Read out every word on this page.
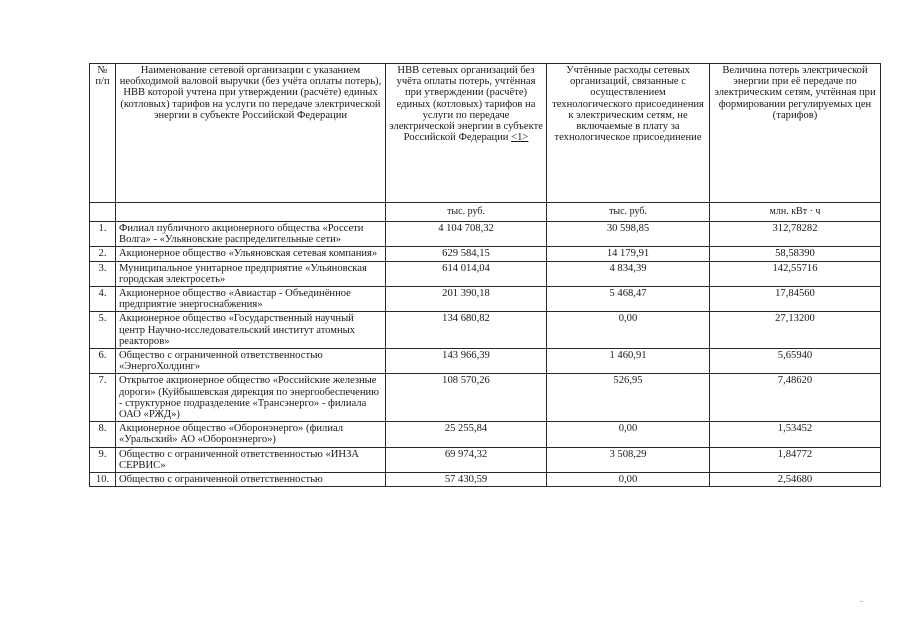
№ п/п	Наименование сетевой организации с указанием необходимой валовой выручки (без учёта оплаты потерь), НВВ которой учтена при утверждении (расчёте) единых (котловых) тарифов на услуги по передаче электрической энергии в субъекте Российской Федерации	НВВ сетевых организаций без учёта оплаты потерь, учтённая при утверждении (расчёте) единых (котловых) тарифов на услуги по передаче электрической энергии в субъекте Российской Федерации <1>	Учтённые расходы сетевых организаций, связанные с осуществлением технологического присоединения к электрическим сетям, не включаемые в плату за технологическое присоединение	Величина потерь электрической энергии при её передаче по электрическим сетям, учтённая при формировании регулируемых цен (тарифов)
		тыс. руб.	тыс. руб.	млн. кВт · ч
1.	Филиал публичного акционерного общества «Россети Волга» - «Ульяновские распределительные сети»	4 104 708,32	30 598,85	312,78282
2.	Акционерное общество «Ульяновская сетевая компания»	629 584,15	14 179,91	58,58390
3.	Муниципальное унитарное предприятие «Ульяновская городская электросеть»	614 014,04	4 834,39	142,55716
4.	Акционерное общество «Авиастар - Объединённое предприятие энергоснабжения»	201 390,18	5 468,47	17,84560
5.	Акционерное общество «Государственный научный центр Научно-исследовательский институт атомных реакторов»	134 680,82	0,00	27,13200
6.	Общество с ограниченной ответственностью «ЭнергоХолдинг»	143 966,39	1 460,91	5,65940
7.	Открытое акционерное общество «Российские железные дороги» (Куйбышевская дирекция по энергообеспечению - структурное подразделение «Трансэнерго» - филиала ОАО «РЖД»)	108 570,26	526,95	7,48620
8.	Акционерное общество «Оборонэнерго» (филиал «Уральский» АО «Оборонэнерго»)	25 255,84	0,00	1,53452
9.	Общество с ограниченной ответственностью «ИНЗА СЕРВИС»	69 974,32	3 508,29	1,84772
10.	Общество с ограниченной ответственностью	57 430,59	0,00	2,54680
